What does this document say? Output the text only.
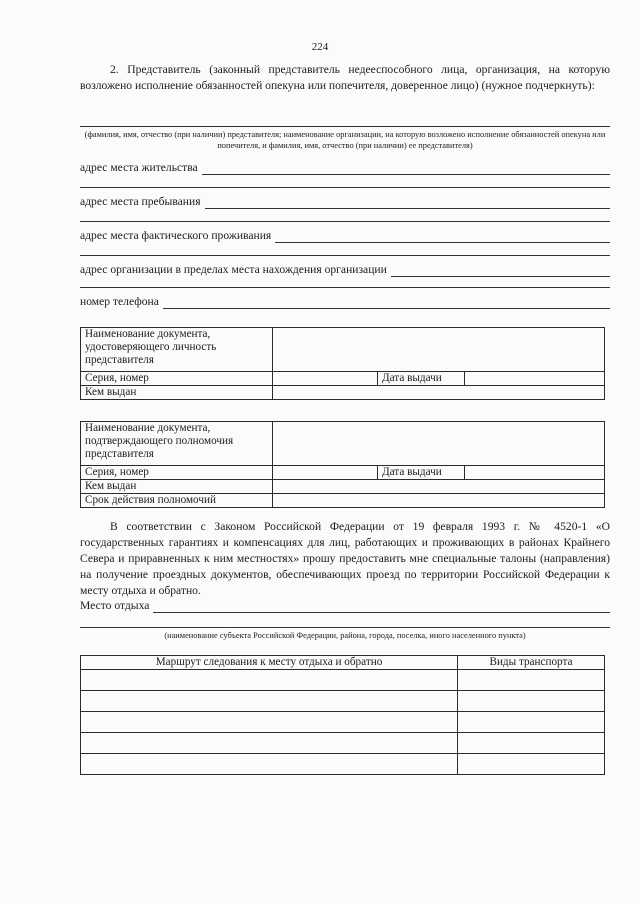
224
2. Представитель (законный представитель недееспособного лица, организация, на которую возложено исполнение обязанностей опекуна или попечителя, доверенное лицо) (нужное подчеркнуть):
(фамилия, имя, отчество (при наличии) представителя; наименование организации, на которую возложено исполнение обязанностей опекуна или попечителя, и фамилия, имя, отчество (при наличии) ее представителя)
адрес места жительства
адрес места пребывания
адрес места фактического проживания
адрес организации в пределах места нахождения организации
номер телефона
Наименование документа, удостоверяющего личность представителя			
Серия, номер		Дата выдачи	
Кем выдан			
Наименование документа, подтверждающего полномочия представителя			
Серия, номер		Дата выдачи	
Кем выдан			
Срок действия полномочий			
В соответствии с Законом Российской Федерации от 19 февраля 1993 г. № 4520-1 «О государственных гарантиях и компенсациях для лиц, работающих и проживающих в районах Крайнего Севера и приравненных к ним местностях» прошу предоставить мне специальные талоны (направления) на получение проездных документов, обеспечивающих проезд по территории Российской Федерации к месту отдыха и обратно.
Место отдыха
(наименование субъекта Российской Федерации, района, города, поселка, иного населенного пункта)
Маршрут следования к месту отдыха и обратно	Виды транспорта
